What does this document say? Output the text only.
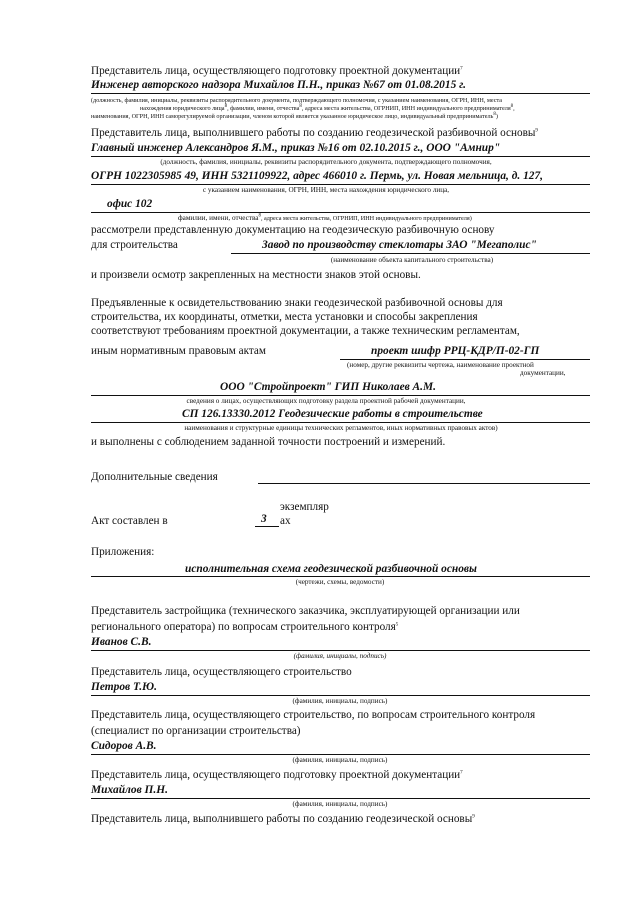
Представитель лица, осуществляющего подготовку проектной документации$^7$
Инженер авторского надзора Михайлов П.Н., приказ №67 от 01.08.2015 г.
(должность, фамилия, инициалы, реквизиты распорядительного документа, подтверждающего полномочия, с указанием наименования, ОГРН, ИНН, места
нахождения юридического лица$^8$, фамилии, имени, отчества$^8$, адреса места жительства, ОГРНИП, ИНН индивидуального предпринимателя$^8$,
наименования, ОГРН, ИНН саморегулируемой организации, членом которой является указанное юридическое лицо, индивидуальный предприниматель$^8$)
Представитель лица, выполнившего работы по созданию геодезической разбивочной основы$^9$
Главный инженер Александров Я.М., приказ №16 от 02.10.2015 г., ООО "Амнир"
(должность, фамилия, инициалы, реквизиты распорядительного документа, подтверждающего полномочия,
ОГРН 1022305985 49, ИНН 5321109922, адрес 466010 г. Пермь, ул. Новая мельница, д. 127,
с указанием наименования, ОГРН, ИНН, места нахождения юридического лица,
офис 102
фамилии, имени, отчества$^8$, адреса места жительства, ОГРНИП, ИНН индивидуального предпринимателя)
рассмотрели представленную документацию на геодезическую разбивочную основу
для строительства	Завод по производству стеклотары ЗАО "Мегаполис"
(наименование объекта капитального строительства)
и произвели осмотр закрепленных на местности знаков этой основы.
Предъявленные к освидетельствованию знаки геодезической разбивочной основы для
строительства, их координаты, отметки, места установки и способы закрепления
соответствуют требованиям проектной документации, а также техническим регламентам,
иным нормативным правовым актам	проект шифр РРЦ-КДР/П-02-ГП
(номер, другие реквизиты чертежа, наименование проектной
документации,
ООО "Стройпроект" ГИП Николаев А.М.
сведения о лицах, осуществляющих подготовку раздела проектной рабочей документации,
СП 126.13330.2012 Геодезические работы в строительстве
наименования и структурные единицы технических регламентов, иных нормативных правовых актов)
и выполнены с соблюдением заданной точности построений и измерений.
Дополнительные сведения
экземпляр
Акт составлен в	3 ах
Приложения:
исполнительная схема геодезической разбивочной основы
(чертежи, схемы, ведомости)
Представитель застройщика (технического заказчика, эксплуатирующей организации или
регионального оператора) по вопросам строительного контроля$^5$
Иванов С.В.
(фамилия, инициалы, подпись)
Представитель лица, осуществляющего строительство
Петров Т.Ю.
(фамилия, инициалы, подпись)
Представитель лица, осуществляющего строительство, по вопросам строительного контроля
(специалист по организации строительства)
Сидоров А.В.
(фамилия, инициалы, подпись)
Представитель лица, осуществляющего подготовку проектной документации$^7$
Михайлов П.Н.
(фамилия, инициалы, подпись)
Представитель лица, выполнившего работы по созданию геодезической основы$^9$
